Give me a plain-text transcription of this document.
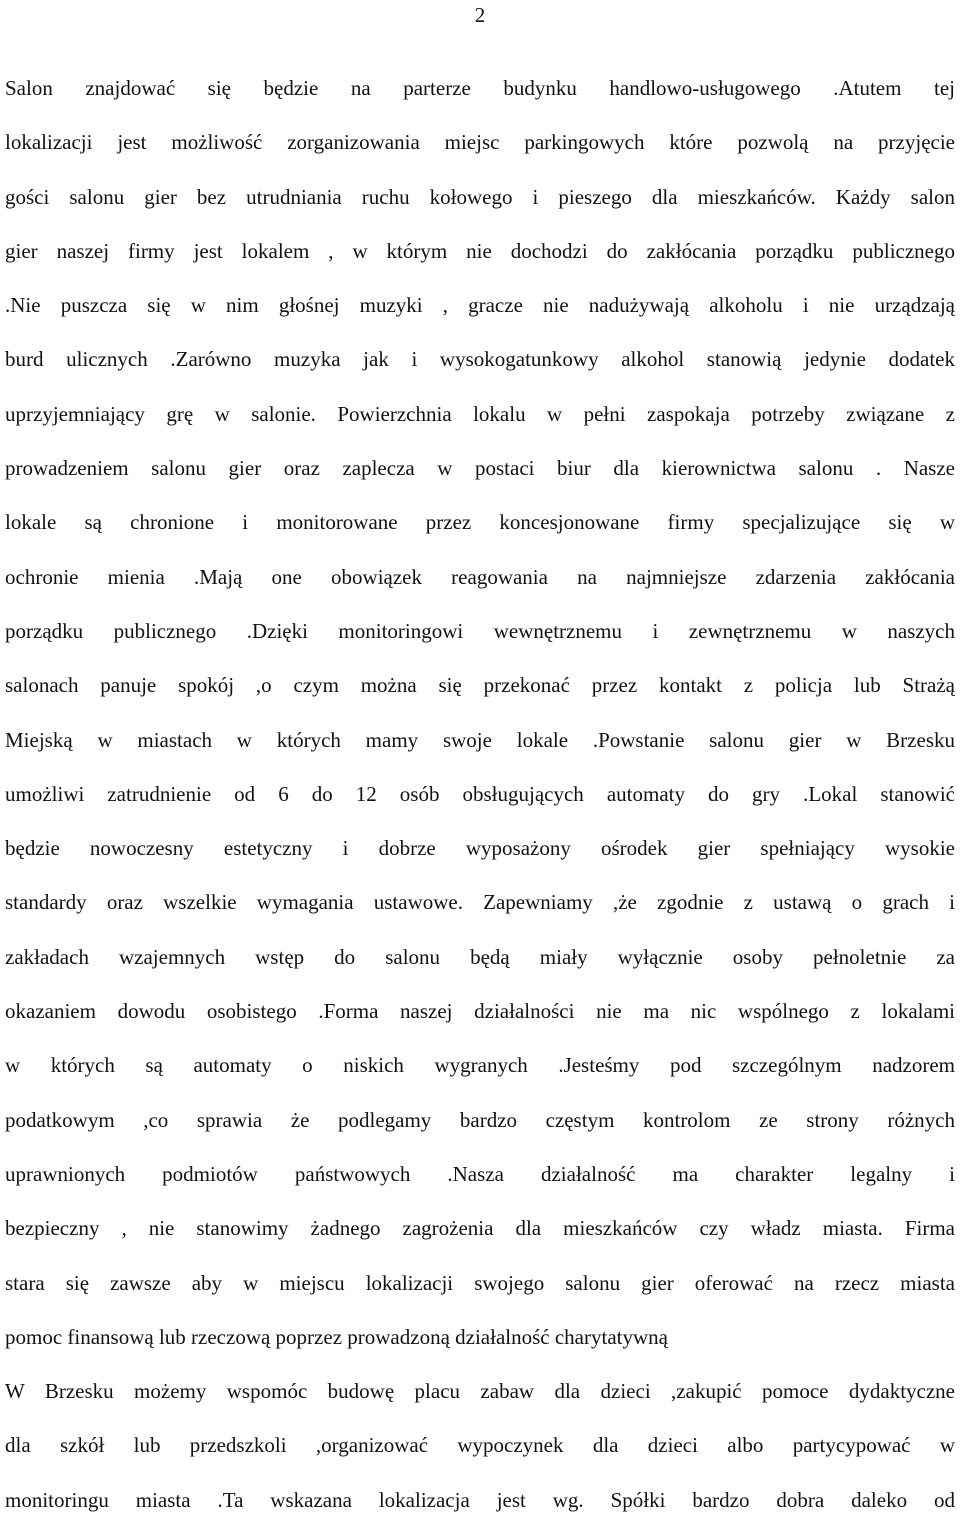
2
Salon znajdować się będzie na parterze budynku handlowo-usługowego .Atutem tej
lokalizacji jest możliwość zorganizowania miejsc parkingowych które pozwolą na przyjęcie
gości salonu gier bez utrudniania ruchu kołowego i pieszego dla mieszkańców. Każdy salon
gier naszej firmy jest lokalem , w którym nie dochodzi do zakłócania porządku publicznego
.Nie puszcza się w nim głośnej muzyki , gracze nie nadużywają alkoholu i nie urządzają
burd ulicznych .Zarówno muzyka jak i wysokogatunkowy alkohol stanowią jedynie dodatek
uprzyjemniający grę w salonie. Powierzchnia lokalu w pełni zaspokaja potrzeby związane z
prowadzeniem salonu gier oraz zaplecza w postaci biur dla kierownictwa salonu . Nasze
lokale są chronione i monitorowane przez koncesjonowane firmy specjalizujące się w
ochronie mienia .Mają one obowiązek reagowania na najmniejsze zdarzenia zakłócania
porządku publicznego .Dzięki monitoringowi wewnętrznemu i zewnętrznemu w naszych
salonach panuje spokój ,o czym można się przekonać przez kontakt z policja lub Strażą
Miejską w miastach w których mamy swoje lokale .Powstanie salonu gier w Brzesku
umożliwi zatrudnienie od 6 do 12 osób obsługujących automaty do gry .Lokal stanowić
będzie nowoczesny estetyczny i dobrze wyposażony ośrodek gier spełniający wysokie
standardy oraz wszelkie wymagania ustawowe. Zapewniamy ,że zgodnie z ustawą o grach i
zakładach wzajemnych wstęp do salonu będą miały wyłącznie osoby pełnoletnie za
okazaniem dowodu osobistego .Forma naszej działalności nie ma nic wspólnego z lokalami
w których są automaty o niskich wygranych .Jesteśmy pod szczególnym nadzorem
podatkowym ,co sprawia że podlegamy bardzo częstym kontrolom ze strony różnych
uprawnionych podmiotów państwowych .Nasza działalność ma charakter legalny i
bezpieczny , nie stanowimy żadnego zagrożenia dla mieszkańców czy władz miasta. Firma
stara się zawsze aby w miejscu lokalizacji swojego salonu gier oferować na rzecz miasta
pomoc finansową lub rzeczową poprzez prowadzoną działalność charytatywną
W Brzesku możemy wspomóc budowę placu zabaw dla dzieci ,zakupić pomoce dydaktyczne
dla szkół lub przedszkoli ,organizować wypoczynek dla dzieci albo partycypować w
monitoringu miasta .Ta wskazana lokalizacja jest wg. Spółki bardzo dobra daleko od
